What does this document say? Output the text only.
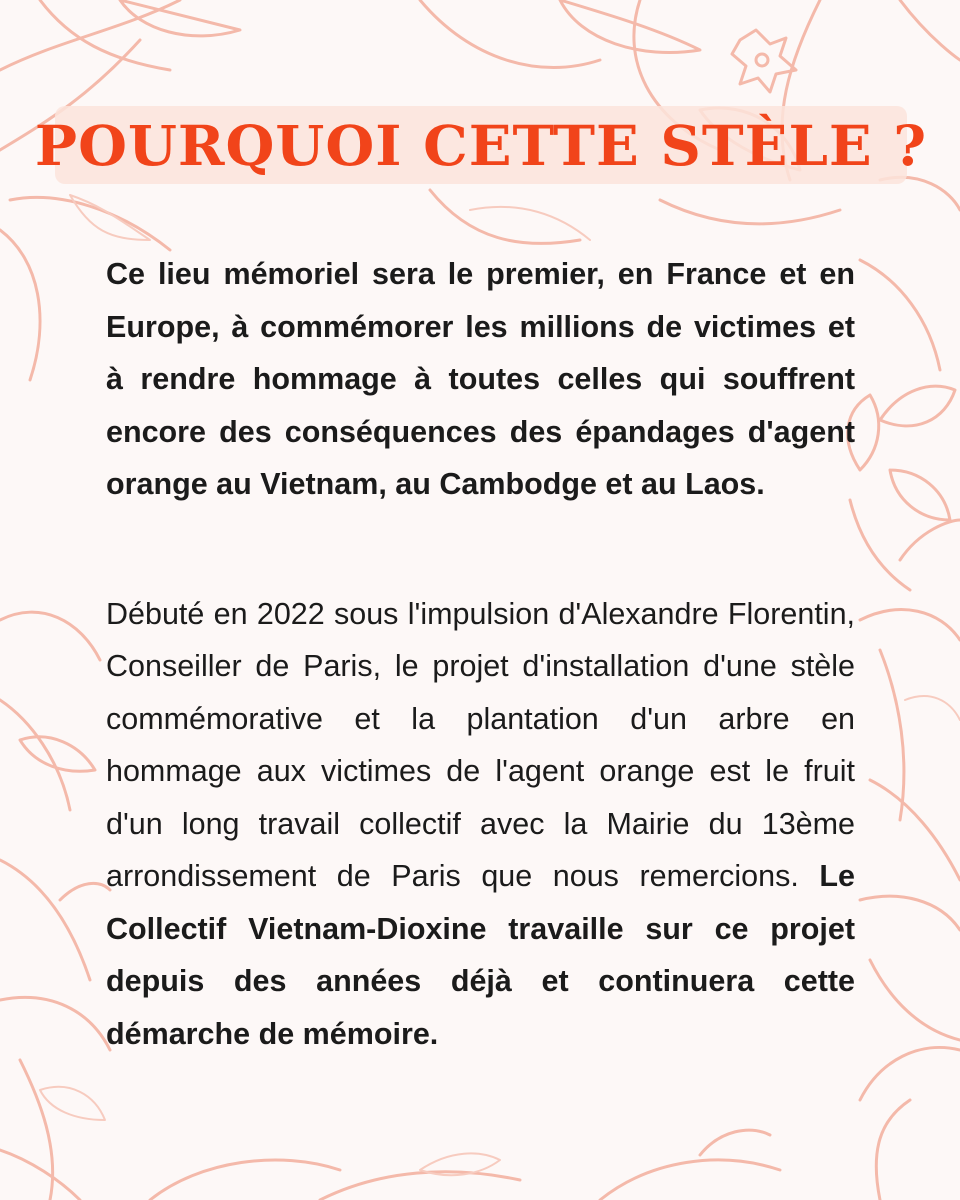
POURQUOI CETTE STÈLE ?

Ce lieu mémoriel sera le premier, en France et en Europe, à commémorer les millions de victimes et à rendre hommage à toutes celles qui souffrent encore des conséquences des épandages d'agent orange au Vietnam, au Cambodge et au Laos.

Débuté en 2022 sous l'impulsion d'Alexandre Florentin, Conseiller de Paris, le projet d'installation d'une stèle commémorative et la plantation d'un arbre en hommage aux victimes de l'agent orange est le fruit d'un long travail collectif avec la Mairie du 13ème arrondissement de Paris que nous remercions. Le Collectif Vietnam-Dioxine travaille sur ce projet depuis des années déjà et continuera cette démarche de mémoire.
